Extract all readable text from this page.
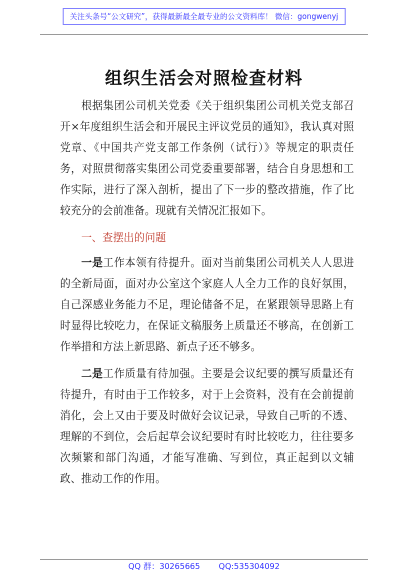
关注头条号“公文研究”，获得最新最全最专业的公文资料库！ 微信：gongwenyj
组织生活会对照检查材料

根据集团公司机关党委《关于组织集团公司机关党支部召开×年度组织生活会和开展民主评议党员的通知》，我认真对照党章、《中国共产党支部工作条例（试行）》等规定的职责任务，对照贯彻落实集团公司党委重要部署，结合自身思想和工作实际，进行了深入剖析，提出了下一步的整改措施，作了比较充分的会前准备。现就有关情况汇报如下。

一、查摆出的问题

一是工作本领有待提升。面对当前集团公司机关人人思进的全新局面，面对办公室这个家庭人人全力工作的良好氛围，自己深感业务能力不足，理论储备不足，在紧跟领导思路上有时显得比较吃力，在保证文稿服务上质量还不够高，在创新工作举措和方法上新思路、新点子还不够多。

二是工作质量有待加强。主要是会议纪要的撰写质量还有待提升，有时由于工作较多，对于上会资料，没有在会前提前消化，会上又由于要及时做好会议记录，导致自己听的不透、理解的不到位，会后起草会议纪要时有时比较吃力，往往要多次频繁和部门沟通，才能写准确、写到位，真正起到以文辅政、推动工作的作用。

QQ 群：30265665 QQ:535304092
